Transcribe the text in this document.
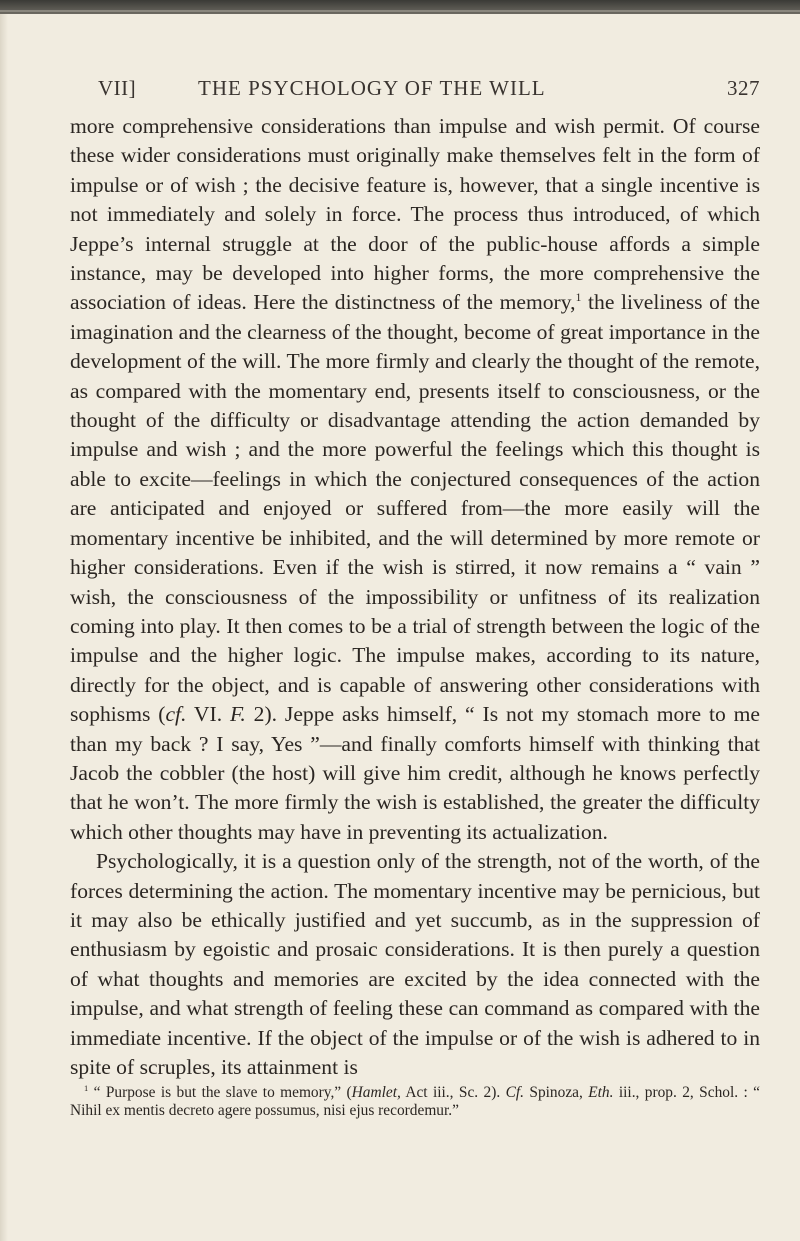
VII]	THE PSYCHOLOGY OF THE WILL	327

more comprehensive considerations than impulse and wish permit. Of course these wider considerations must originally make themselves felt in the form of impulse or of wish ; the decisive feature is, however, that a single incentive is not immediately and solely in force. The process thus introduced, of which Jeppe’s internal struggle at the door of the public-house affords a simple instance, may be developed into higher forms, the more comprehensive the association of ideas. Here the distinctness of the memory,$^1$ the liveliness of the imagination and the clearness of the thought, become of great importance in the development of the will. The more firmly and clearly the thought of the remote, as compared with the momentary end, presents itself to consciousness, or the thought of the difficulty or disadvantage attending the action demanded by impulse and wish ; and the more powerful the feelings which this thought is able to excite—feelings in which the conjectured consequences of the action are anticipated and enjoyed or suffered from—the more easily will the momentary incentive be inhibited, and the will determined by more remote or higher considerations. Even if the wish is stirred, it now remains a “ vain ” wish, the consciousness of the impossibility or unfitness of its realization coming into play. It then comes to be a trial of strength between the logic of the impulse and the higher logic. The impulse makes, according to its nature, directly for the object, and is capable of answering other considerations with sophisms (cf. VI. F. 2). Jeppe asks himself, “ Is not my stomach more to me than my back ? I say, Yes ”—and finally comforts himself with thinking that Jacob the cobbler (the host) will give him credit, although he knows perfectly that he won’t. The more firmly the wish is established, the greater the difficulty which other thoughts may have in preventing its actualization.

Psychologically, it is a question only of the strength, not of the worth, of the forces determining the action. The momentary incentive may be pernicious, but it may also be ethically justified and yet succumb, as in the suppression of enthusiasm by egoistic and prosaic considerations. It is then purely a question of what thoughts and memories are excited by the idea connected with the impulse, and what strength of feeling these can command as compared with the immediate incentive. If the object of the impulse or of the wish is adhered to in spite of scruples, its attainment is

$^1$ “ Purpose is but the slave to memory,” (Hamlet, Act iii., Sc. 2). Cf. Spinoza, Eth. iii., prop. 2, Schol. : “ Nihil ex mentis decreto agere possumus, nisi ejus recordemur.”
